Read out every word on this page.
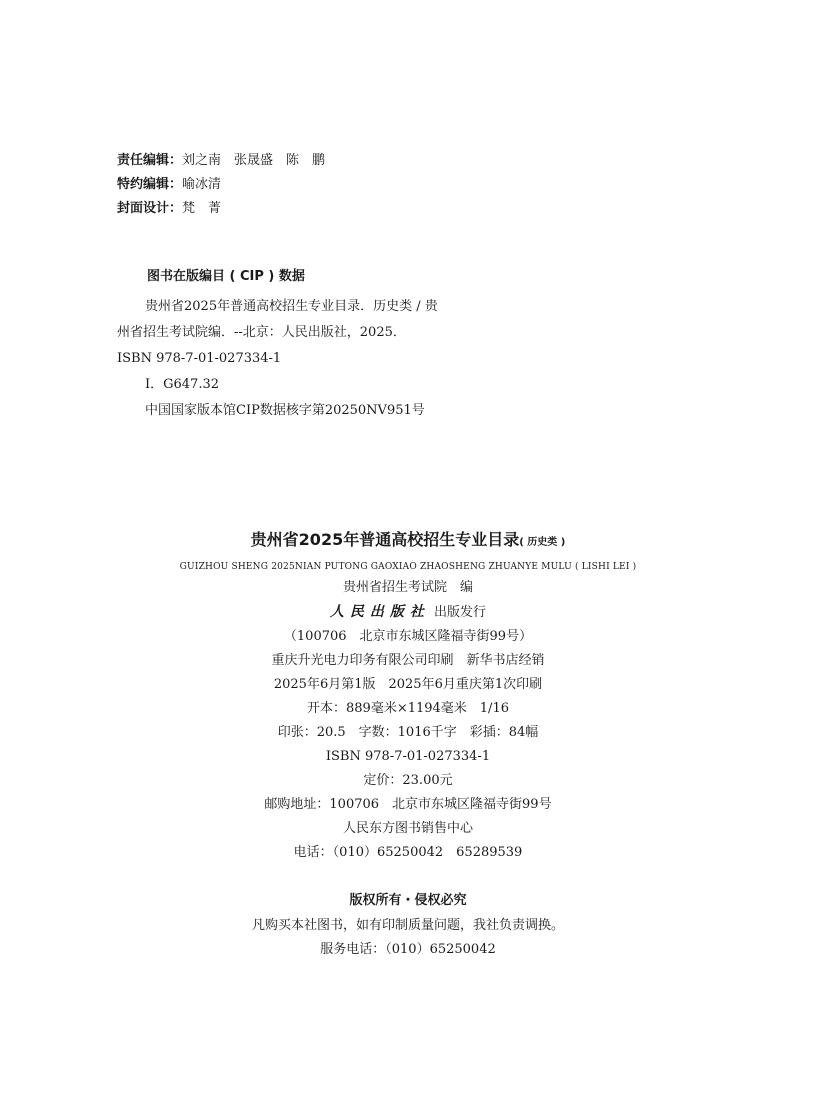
责任编辑：刘之南　张晟盛　陈　鹏
特约编辑：喻冰清
封面设计：梵　菁
图书在版编目 ( CIP ) 数据
贵州省2025年普通高校招生专业目录．历史类 / 贵
州省招生考试院编．--北京：人民出版社，2025．
ISBN 978-7-01-027334-1
Ⅰ．G647.32
中国国家版本馆CIP数据核字第20250NV951号
贵州省2025年普通高校招生专业目录( 历史类 )
GUIZHOU SHENG 2025NIAN PUTONG GAOXIAO ZHAOSHENG ZHUANYE MULU ( LISHI LEI )
贵州省招生考试院　编
人民出版社 出版发行
（100706　北京市东城区隆福寺街99号）
重庆升光电力印务有限公司印刷　新华书店经销
2025年6月第1版　2025年6月重庆第1次印刷
开本：889毫米×1194毫米　1/16
印张：20.5　字数：1016千字　彩插：84幅
ISBN 978-7-01-027334-1
定价：23.00元
邮购地址：100706　北京市东城区隆福寺街99号
人民东方图书销售中心
电话：（010）65250042　65289539
版权所有・侵权必究
凡购买本社图书，如有印制质量问题，我社负责调换。
服务电话：（010）65250042
